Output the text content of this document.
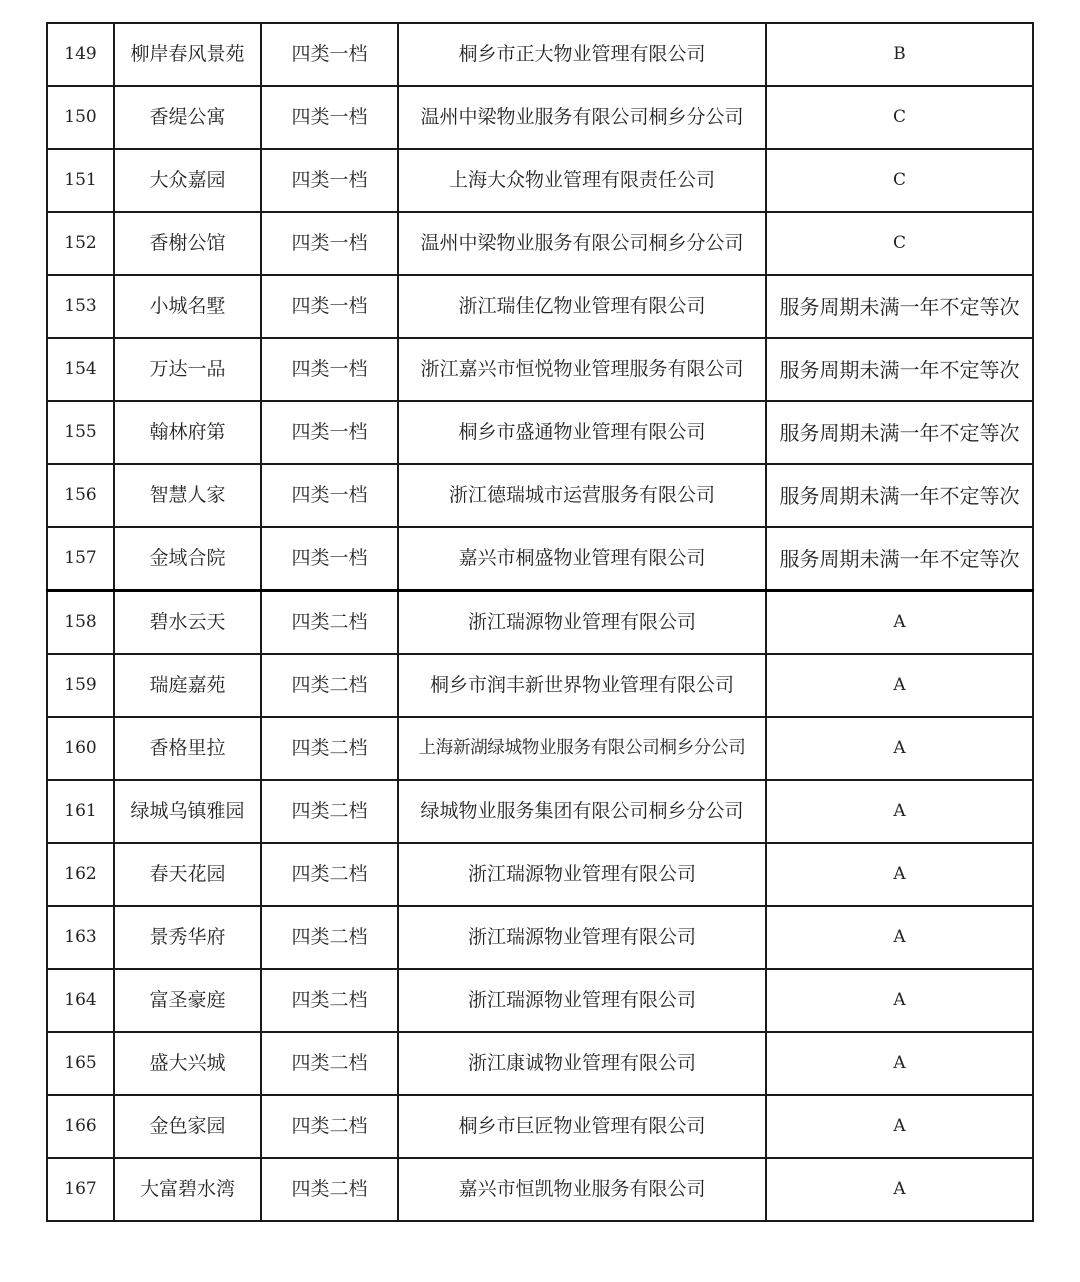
149	柳岸春风景苑	四类一档	桐乡市正大物业管理有限公司	B
150	香缇公寓	四类一档	温州中梁物业服务有限公司桐乡分公司	C
151	大众嘉园	四类一档	上海大众物业管理有限责任公司	C
152	香榭公馆	四类一档	温州中梁物业服务有限公司桐乡分公司	C
153	小城名墅	四类一档	浙江瑞佳亿物业管理有限公司	服务周期未满一年不定等次
154	万达一品	四类一档	浙江嘉兴市恒悦物业管理服务有限公司	服务周期未满一年不定等次
155	翰林府第	四类一档	桐乡市盛通物业管理有限公司	服务周期未满一年不定等次
156	智慧人家	四类一档	浙江德瑞城市运营服务有限公司	服务周期未满一年不定等次
157	金域合院	四类一档	嘉兴市桐盛物业管理有限公司	服务周期未满一年不定等次
158	碧水云天	四类二档	浙江瑞源物业管理有限公司	A
159	瑞庭嘉苑	四类二档	桐乡市润丰新世界物业管理有限公司	A
160	香格里拉	四类二档	上海新湖绿城物业服务有限公司桐乡分公司	A
161	绿城乌镇雅园	四类二档	绿城物业服务集团有限公司桐乡分公司	A
162	春天花园	四类二档	浙江瑞源物业管理有限公司	A
163	景秀华府	四类二档	浙江瑞源物业管理有限公司	A
164	富圣豪庭	四类二档	浙江瑞源物业管理有限公司	A
165	盛大兴城	四类二档	浙江康诚物业管理有限公司	A
166	金色家园	四类二档	桐乡市巨匠物业管理有限公司	A
167	大富碧水湾	四类二档	嘉兴市恒凯物业服务有限公司	A
